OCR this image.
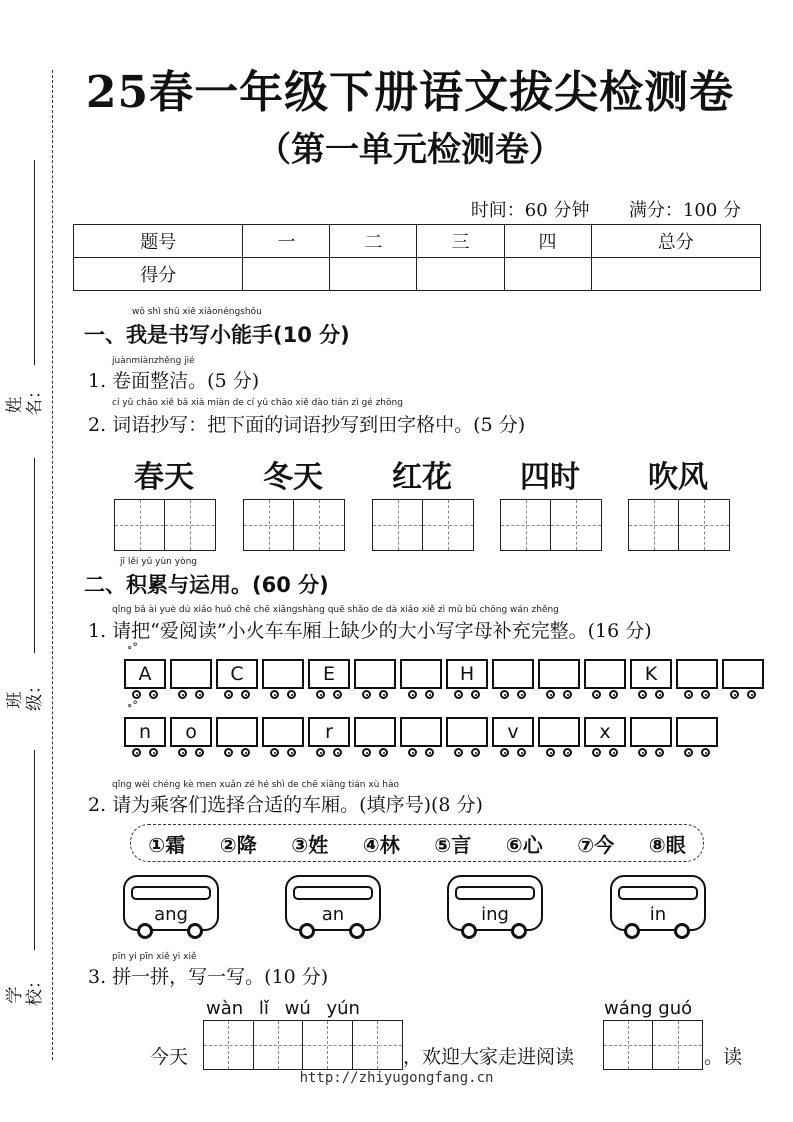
姓名：
班级：
学校：
25春一年级下册语文拔尖检测卷
（第一单元检测卷）
时间：60 分钟 满分：100 分
题号	一	二	三	四	总分
得分					
wǒ shì shū xiě xiǎonéngshǒu
一、我是书写小能手(10 分)
juànmiànzhěng jié
1. 卷面整洁。(5 分)
cí yǔ chāo xiě bǎ xià miàn de cí yǔ chāo xiě dào tián zì gé zhōng
2. 词语抄写：把下面的词语抄写到田字格中。(5 分)
春天	冬天	红花	四时	吹风
jī lěi yǔ yùn yòng
二、积累与运用。(60 分)
qǐng bǎ ài yuè dú xiǎo huǒ chē chē xiāngshàng quē shǎo de dà xiǎo xiě zì mǔ bǔ chōng wán zhěng
1. 请把“爱阅读”小火车车厢上缺少的大小写字母补充完整。(16 分)
∘°
A	C	E	H	K
∘°
n	o	r	v	x
qǐng wèi chéng kè men xuǎn zé hé shì de chē xiāng tián xù hào
2. 请为乘客们选择合适的车厢。(填序号)(8 分)
①霜 ②降 ③姓 ④林 ⑤言 ⑥心 ⑦今 ⑧眼
ang	an	ing	in
pīn yi pīn xiě yi xiě
3. 拼一拼，写一写。(10 分)
wàn lǐ wú yún	wáng guó
今天	，欢迎大家走进阅读	。读
http://zhiyugongfang.cn
